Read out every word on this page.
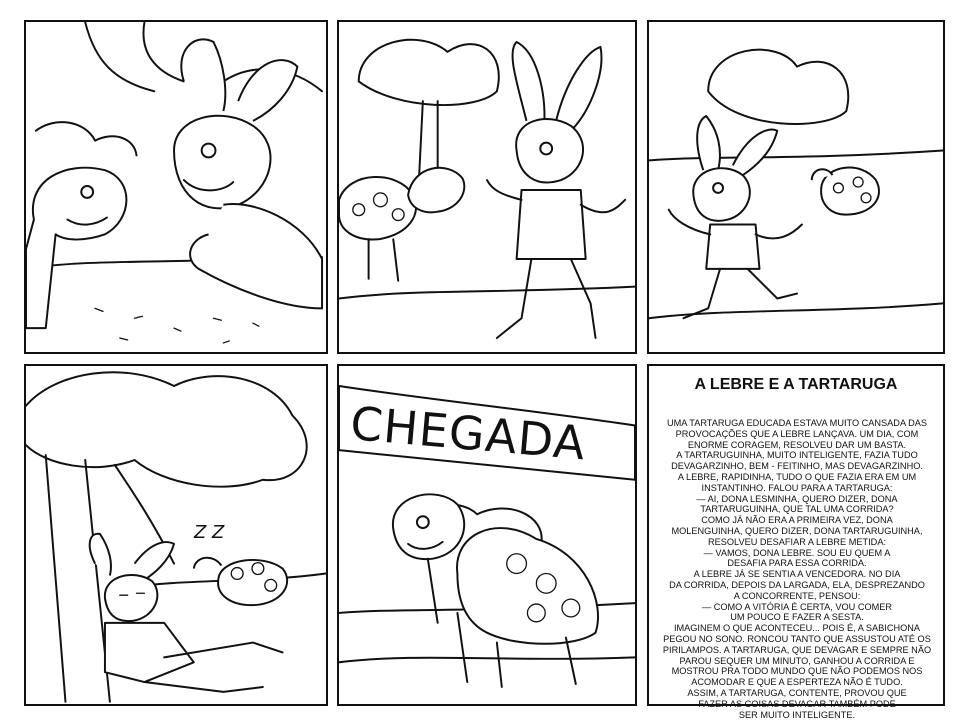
Z Z
CHEGADA
A LEBRE E A TARTARUGA
UMA TARTARUGA EDUCADA ESTAVA MUITO CANSADA DAS
PROVOCAÇÕES QUE A LEBRE LANÇAVA. UM DIA, COM
ENORME CORAGEM, RESOLVEU DAR UM BASTA.
A TARTARUGUINHA, MUITO INTELIGENTE, FAZIA TUDO
DEVAGARZINHO, BEM - FEITINHO, MAS DEVAGARZINHO.
A LEBRE, RAPIDINHA, TUDO O QUE FAZIA ERA EM UM
INSTANTINHO. FALOU PARA A TARTARUGA:
— AI, DONA LESMINHA, QUERO DIZER, DONA
TARTARUGUINHA, QUE TAL UMA CORRIDA?
COMO JÁ NÃO ERA A PRIMEIRA VEZ, DONA
MOLENGUINHA, QUERO DIZER, DONA TARTARUGUINHA,
RESOLVEU DESAFIAR A LEBRE METIDA:
— VAMOS, DONA LEBRE. SOU EU QUEM A
DESAFIA PARA ESSA CORRIDA.
A LEBRE JÁ SE SENTIA A VENCEDORA. NO DIA
DA CORRIDA, DEPOIS DA LARGADA, ELA, DESPREZANDO
A CONCORRENTE, PENSOU:
— COMO A VITÓRIA É CERTA, VOU COMER
UM POUCO E FAZER A SESTA.
IMAGINEM O QUE ACONTECEU... POIS É, A SABICHONA
PEGOU NO SONO. RONCOU TANTO QUE ASSUSTOU ATÉ OS
PIRILAMPOS. A TARTARUGA, QUE DEVAGAR E SEMPRE NÃO
PAROU SEQUER UM MINUTO, GANHOU A CORRIDA E
MOSTROU PRA TODO MUNDO QUE NÃO PODEMOS NOS
ACOMODAR E QUE A ESPERTEZA NÃO É TUDO.
ASSIM, A TARTARUGA, CONTENTE, PROVOU QUE
FAZER AS COISAS DEVAGAR TAMBÉM PODE
SER MUITO INTELIGENTE.
